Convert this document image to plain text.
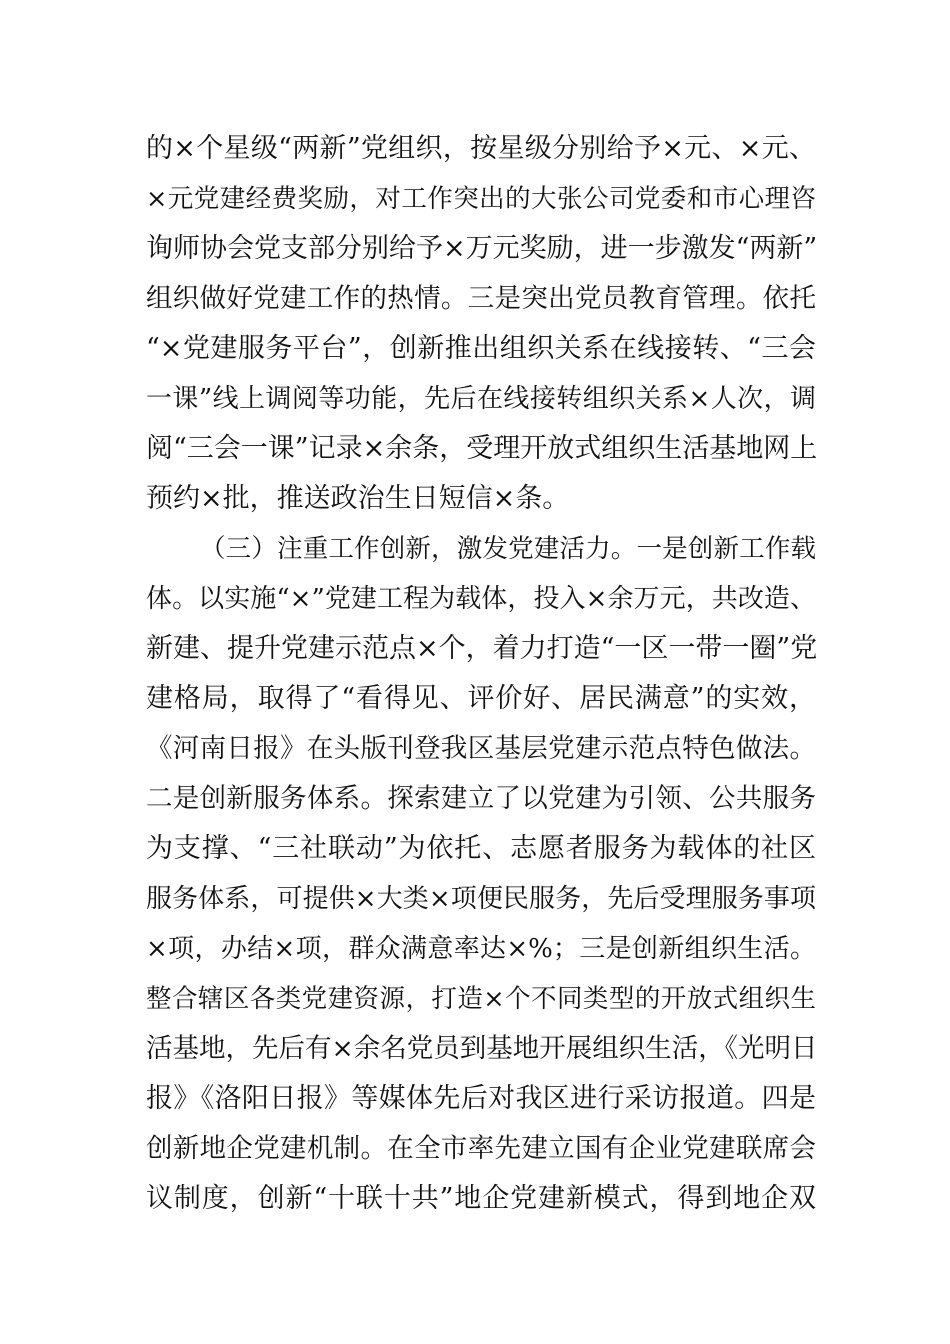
的×个星级“两新”党组织，按星级分别给予×元、×元、
×元党建经费奖励，对工作突出的大张公司党委和市心理咨
询师协会党支部分别给予×万元奖励，进一步激发“两新”
组织做好党建工作的热情。三是突出党员教育管理。依托
“×党建服务平台”，创新推出组织关系在线接转、“三会
一课”线上调阅等功能，先后在线接转组织关系×人次，调
阅“三会一课”记录×余条，受理开放式组织生活基地网上
预约×批，推送政治生日短信×条。
（三）注重工作创新，激发党建活力。一是创新工作载
体。以实施“×”党建工程为载体，投入×余万元，共改造、
新建、提升党建示范点×个，着力打造“一区一带一圈”党
建格局，取得了“看得见、评价好、居民满意”的实效，
《河南日报》在头版刊登我区基层党建示范点特色做法。
二是创新服务体系。探索建立了以党建为引领、公共服务
为支撑、“三社联动”为依托、志愿者服务为载体的社区
服务体系，可提供×大类×项便民服务，先后受理服务事项
×项，办结×项，群众满意率达×%；三是创新组织生活。
整合辖区各类党建资源，打造×个不同类型的开放式组织生
活基地，先后有×余名党员到基地开展组织生活，《光明日
报》《洛阳日报》等媒体先后对我区进行采访报道。四是
创新地企党建机制。在全市率先建立国有企业党建联席会
议制度，创新“十联十共”地企党建新模式，得到地企双
